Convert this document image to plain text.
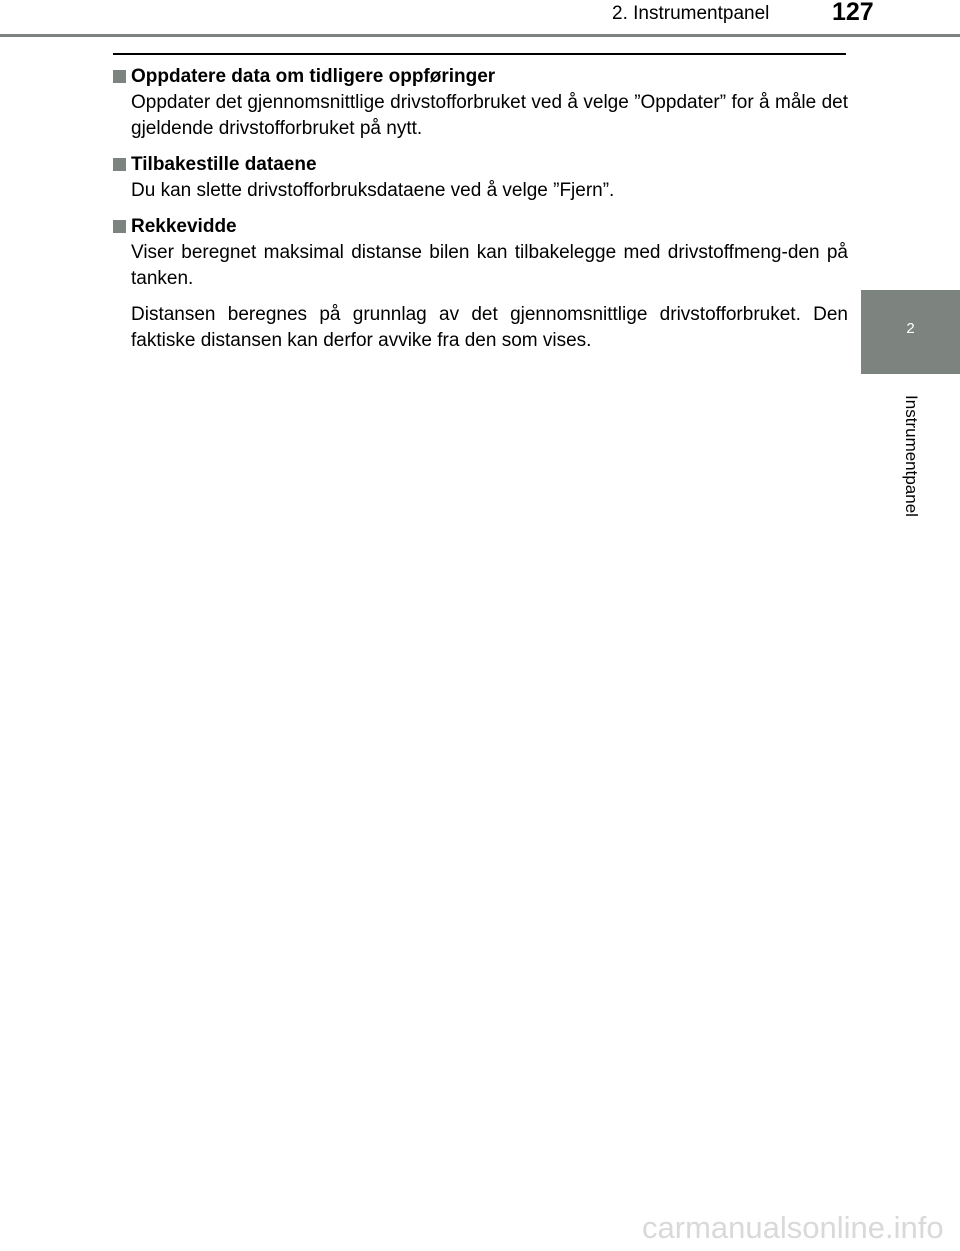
2. Instrumentpanel	127
2
Instrumentpanel
Oppdatere data om tidligere oppføringer

Oppdater det gjennomsnittlige drivstofforbruket ved å velge ”Oppdater” for å måle det gjeldende drivstofforbruket på nytt.

Tilbakestille dataene

Du kan slette drivstofforbruksdataene ved å velge ”Fjern”.

Rekkevidde

Viser beregnet maksimal distanse bilen kan tilbakelegge med drivstoffmeng-den på tanken.

Distansen beregnes på grunnlag av det gjennomsnittlige drivstofforbruket. Den faktiske distansen kan derfor avvike fra den som vises.

carmanualsonline.info
